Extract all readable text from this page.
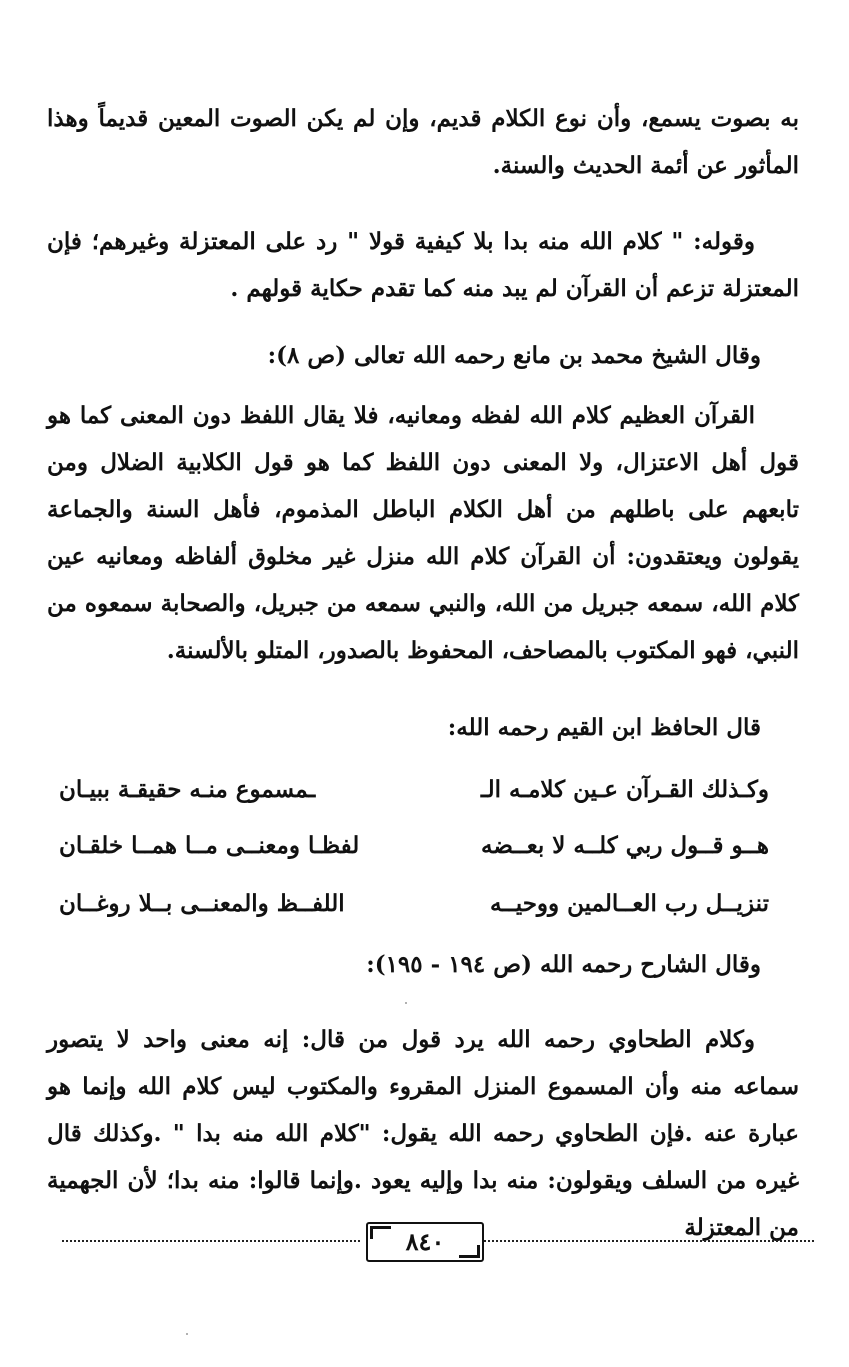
به بصوت يسمع، وأن نوع الكلام قديم، وإن لم يكن الصوت المعين قديماً وهذا المأثور عن أئمة الحديث والسنة.

وقوله: " كلام الله منه بدا بلا كيفية قولا " رد على المعتزلة وغيرهم؛ فإن المعتزلة تزعم أن القرآن لم يبد منه كما تقدم حكاية قولهم .

وقال الشيخ محمد بن مانع رحمه الله تعالى (ص ٨):

القرآن العظيم كلام الله لفظه ومعانيه، فلا يقال اللفظ دون المعنى كما هو قول أهل الاعتزال، ولا المعنى دون اللفظ كما هو قول الكلابية الضلال ومن تابعهم على باطلهم من أهل الكلام الباطل المذموم، فأهل السنة والجماعة يقولون ويعتقدون: أن القرآن كلام الله منزل غير مخلوق ألفاظه ومعانيه عين كلام الله، سمعه جبريل من الله، والنبي سمعه من جبريل، والصحابة سمعوه من النبي، فهو المكتوب بالمصاحف، المحفوظ بالصدور، المتلو بالألسنة.

قال الحافظ ابن القيم رحمه الله:
وكـذلك القـرآن عـين كلامـه الـ
ـمسموع منـه حقيقـة ببيـان
هــو قــول ربي كلــه لا بعــضه
لفظـا ومعنــى مــا همــا خلقـان
تنزيــل رب العــالمين ووحيــه
اللفــظ والمعنــى بــلا روغــان
وقال الشارح رحمه الله (ص ١٩٤ - ١٩٥):

وكلام الطحاوي رحمه الله يرد قول من قال: إنه معنى واحد لا يتصور سماعه منه وأن المسموع المنزل المقروء والمكتوب ليس كلام الله وإنما هو عبارة عنه .فإن الطحاوي رحمه الله يقول: "كلام الله منه بدا " .وكذلك قال غيره من السلف ويقولون: منه بدا وإليه يعود .وإنما قالوا: منه بدا؛ لأن الجهمية من المعتزلة

٨٤٠
